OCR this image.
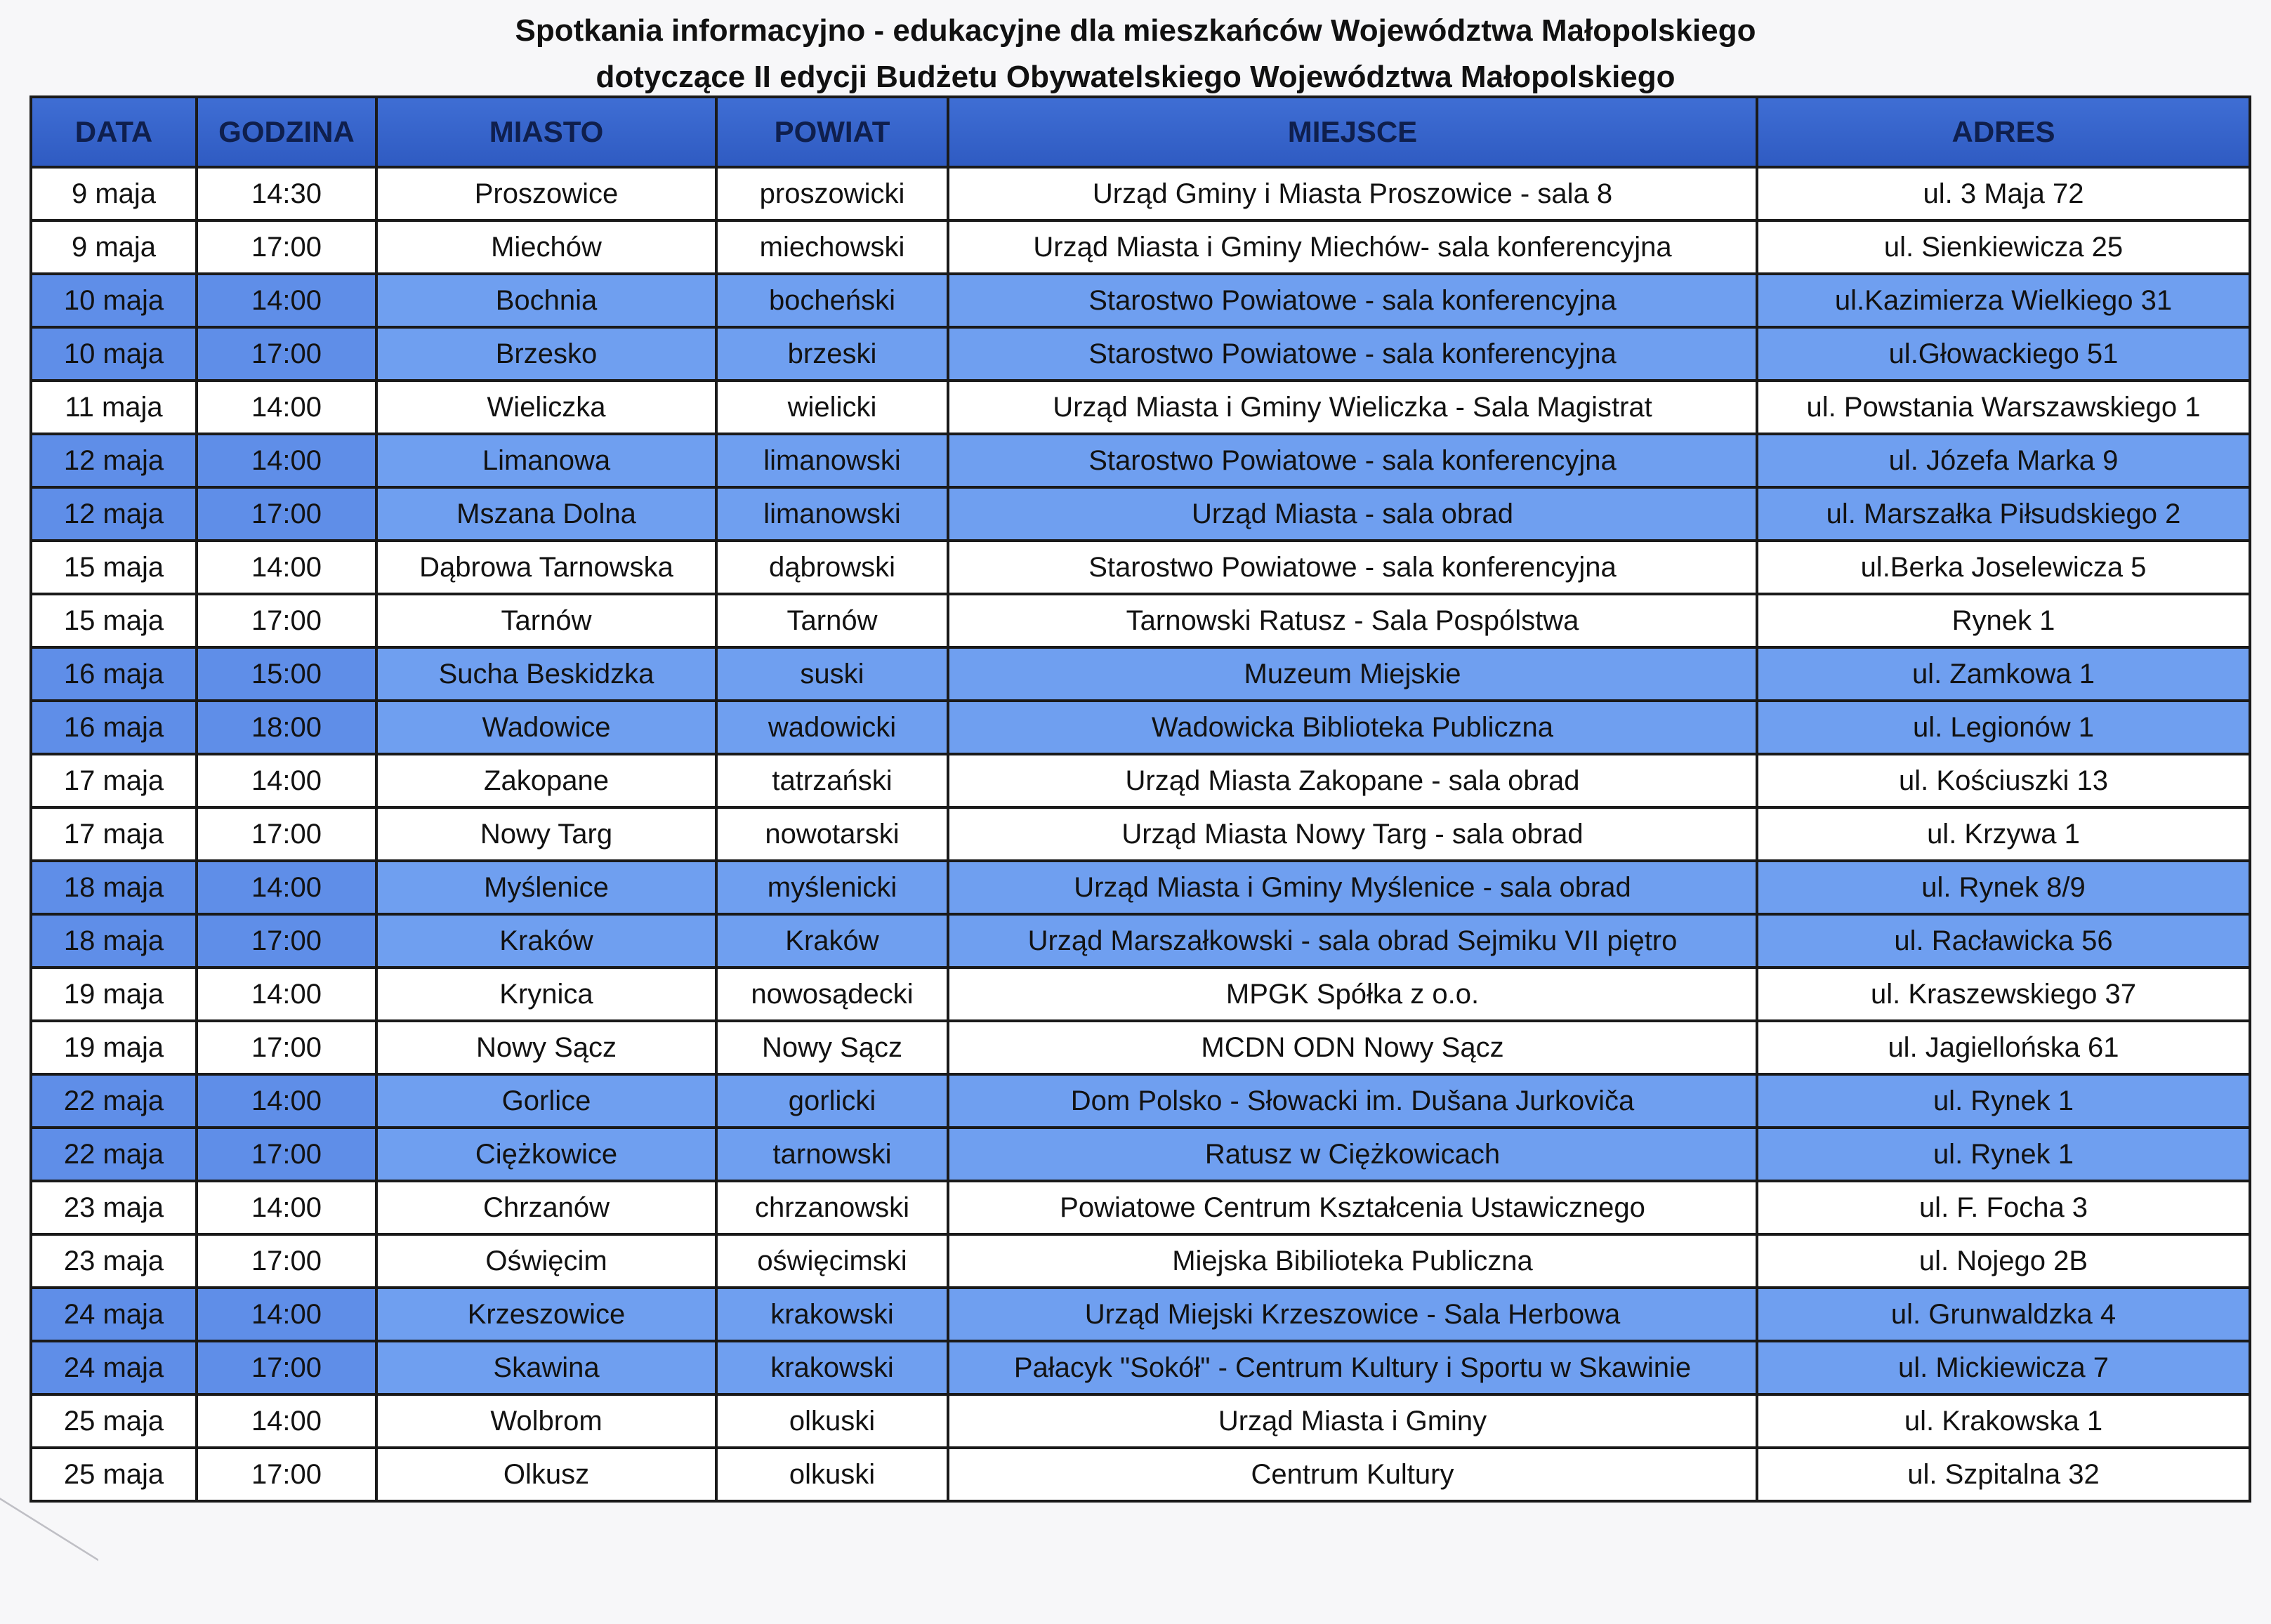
Spotkania informacyjno - edukacyjne dla mieszkańców Województwa Małopolskiego
dotyczące II edycji Budżetu Obywatelskiego Województwa Małopolskiego
DATA	GODZINA	MIASTO	POWIAT	MIEJSCE	ADRES
9 maja	14:30	Proszowice	proszowicki	Urząd Gminy i Miasta Proszowice - sala 8	ul. 3 Maja 72
9 maja	17:00	Miechów	miechowski	Urząd Miasta i Gminy Miechów- sala konferencyjna	ul. Sienkiewicza 25
10 maja	14:00	Bochnia	bocheński	Starostwo Powiatowe - sala konferencyjna	ul.Kazimierza Wielkiego 31
10 maja	17:00	Brzesko	brzeski	Starostwo Powiatowe - sala konferencyjna	ul.Głowackiego 51
11 maja	14:00	Wieliczka	wielicki	Urząd Miasta i Gminy Wieliczka - Sala Magistrat	ul. Powstania Warszawskiego 1
12 maja	14:00	Limanowa	limanowski	Starostwo Powiatowe - sala konferencyjna	ul. Józefa Marka 9
12 maja	17:00	Mszana Dolna	limanowski	Urząd Miasta - sala obrad	ul. Marszałka Piłsudskiego 2
15 maja	14:00	Dąbrowa Tarnowska	dąbrowski	Starostwo Powiatowe - sala konferencyjna	ul.Berka Joselewicza 5
15 maja	17:00	Tarnów	Tarnów	Tarnowski Ratusz - Sala Pospólstwa	Rynek 1
16 maja	15:00	Sucha Beskidzka	suski	Muzeum Miejskie	ul. Zamkowa 1
16 maja	18:00	Wadowice	wadowicki	Wadowicka Biblioteka Publiczna	ul. Legionów 1
17 maja	14:00	Zakopane	tatrzański	Urząd Miasta Zakopane - sala obrad	ul. Kościuszki 13
17 maja	17:00	Nowy Targ	nowotarski	Urząd Miasta Nowy Targ - sala obrad	ul. Krzywa 1
18 maja	14:00	Myślenice	myślenicki	Urząd Miasta i Gminy Myślenice - sala obrad	ul. Rynek 8/9
18 maja	17:00	Kraków	Kraków	Urząd Marszałkowski - sala obrad Sejmiku VII piętro	ul. Racławicka 56
19 maja	14:00	Krynica	nowosądecki	MPGK Spółka z o.o.	ul. Kraszewskiego 37
19 maja	17:00	Nowy Sącz	Nowy Sącz	MCDN ODN Nowy Sącz	ul. Jagiellońska 61
22 maja	14:00	Gorlice	gorlicki	Dom Polsko - Słowacki im. Dušana Jurkoviča	ul. Rynek 1
22 maja	17:00	Ciężkowice	tarnowski	Ratusz w Ciężkowicach	ul. Rynek 1
23 maja	14:00	Chrzanów	chrzanowski	Powiatowe Centrum Kształcenia Ustawicznego	ul. F. Focha 3
23 maja	17:00	Oświęcim	oświęcimski	Miejska Bibilioteka Publiczna	ul. Nojego 2B
24 maja	14:00	Krzeszowice	krakowski	Urząd Miejski Krzeszowice - Sala Herbowa	ul. Grunwaldzka 4
24 maja	17:00	Skawina	krakowski	Pałacyk "Sokół" - Centrum Kultury i Sportu w Skawinie	ul. Mickiewicza 7
25 maja	14:00	Wolbrom	olkuski	Urząd Miasta i Gminy	ul. Krakowska 1
25 maja	17:00	Olkusz	olkuski	Centrum Kultury	ul. Szpitalna 32
